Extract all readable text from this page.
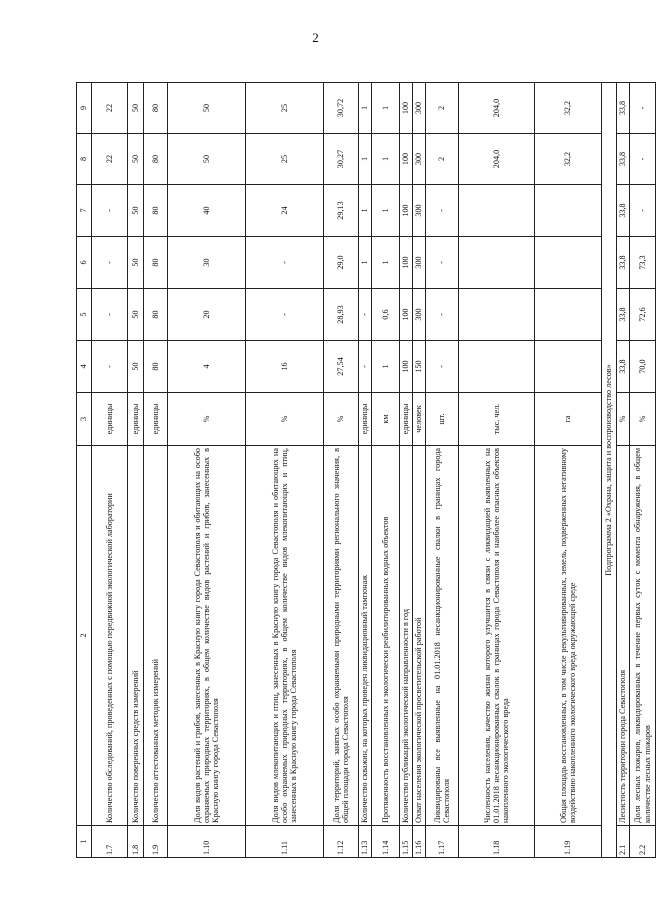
2
1	2	3	4	5	6	7	8	9
1.7	Количество обследований, проведенных с помощью передвижной экологической лаборатории	единицы	-	-	-	-	22	22
1.8	Количество поверенных средств измерений	единицы	50	50	50	50	50	50
1.9	Количество аттестованных методик измерений	единицы	80	80	80	80	80	80
1.10	Доля видов растений и грибов, занесенных в Красную книгу города Севастополя и обитающих на особо охраняемых природных территориях, в общем количестве видов растений и грибов, занесенных в Красную книгу города Севастополя	%	4	20	30	40	50	50
1.11	Доля видов млекопитающих и птиц, занесенных в Красную книгу города Севастополя и обитающих на особо охраняемых природных территориях, в общем количестве видов млекопитающих и птиц, занесенных в Красную книгу города Севастополя	%	16	-	-	24	25	25
1.12	Доля территорий, занятых особо охраняемыми природными территориями регионального значения, в общей площади города Севастополя	%	27,54	28,93	29,0	29,13	30,27	30,72
1.13	Количество скважин, на которых проведен ликвидационный тампонаж	единицы	-	-	1	1	1	1
1.14	Протяженность восстановленных и экологически реабилитированных водных объектов	км	1	0,6	1	1	1	1
1.15	Количество публикаций экологической направленности в год	единицы	100	100	100	100	100	100
1.16	Охват населения экологической просветительской работой	человек	150	300	300	300	300	300
1.17	Ликвидированы все выявленные на 01.01.2018 несанкционированные свалки в границах города Севастополя	шт.	-	-	-	-	2	2
1.18	Численность населения, качество жизни которого улучшится в связи с ликвидацией выявленных на 01.01.2018 несанкционированных свалок в границах города Севастополя и наиболее опасных объектов накопленного экологического вреда	тыс. чел.					204,0	204,0
1.19	Общая площадь восстановленных, в том числе рекультивированных, земель, подверженных негативному воздействию накопленного экологического вреда окружающей среде	га					32,2	32,2
Подпрограмма 2 «Охрана, защита и воспроизводство лесов»								
2.1	Лесистость территории города Севастополя	%	33,8	33,8	33,8	33,8	33,8	33,8
2.2	Доля лесных пожаров, ликвидированных в течение первых суток с момента обнаружения, в общем количестве лесных пожаров	%	70,0	72,6	73,3	-	-	-
